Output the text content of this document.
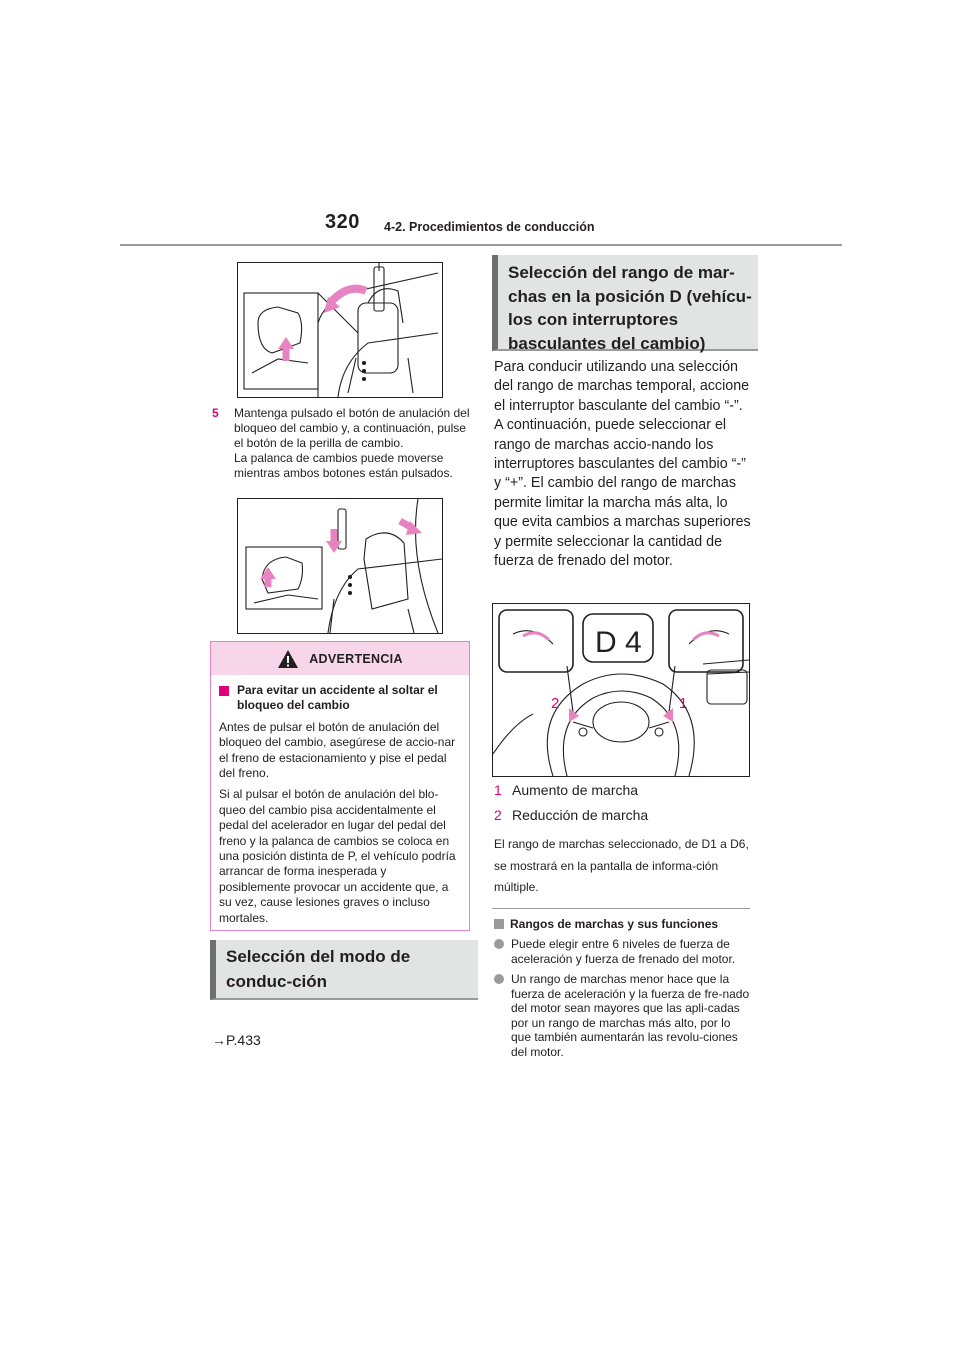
320 4-2. Procedimientos de conducción
5 Mantenga pulsado el botón de anulación del bloqueo del cambio y, a continuación, pulse el botón de la perilla de cambio.
La palanca de cambios puede moverse mientras ambos botones están pulsados.
ADVERTENCIA
Para evitar un accidente al soltar el bloqueo del cambio

Antes de pulsar el botón de anulación del bloqueo del cambio, asegúrese de accio-nar el freno de estacionamiento y pise el pedal del freno.

Si al pulsar el botón de anulación del blo-queo del cambio pisa accidentalmente el pedal del acelerador en lugar del pedal del freno y la palanca de cambios se coloca en una posición distinta de P, el vehículo podría arrancar de forma inesperada y posiblemente provocar un accidente que, a su vez, cause lesiones graves o incluso mortales.

Selección del modo de conduc-ción
→P.433
Selección del rango de mar-chas en la posición D (vehícu-los con interruptores basculantes del cambio)
Para conducir utilizando una selección del rango de marchas temporal, accione el interruptor basculante del cambio “-”. A continuación, puede seleccionar el rango de marchas accio-nando los interruptores basculantes del cambio “-” y “+”. El cambio del rango de marchas permite limitar la marcha más alta, lo que evita cambios a marchas superiores y permite seleccionar la cantidad de fuerza de frenado del motor.
D 4
2	1
1 Aumento de marcha
2 Reducción de marcha
El rango de marchas seleccionado, de D1 a D6, se mostrará en la pantalla de informa-ción múltiple.
Rangos de marchas y sus funciones
Puede elegir entre 6 niveles de fuerza de aceleración y fuerza de frenado del motor.
Un rango de marchas menor hace que la fuerza de aceleración y la fuerza de fre-nado del motor sean mayores que las apli-cadas por un rango de marchas más alto, por lo que también aumentarán las revolu-ciones del motor.
